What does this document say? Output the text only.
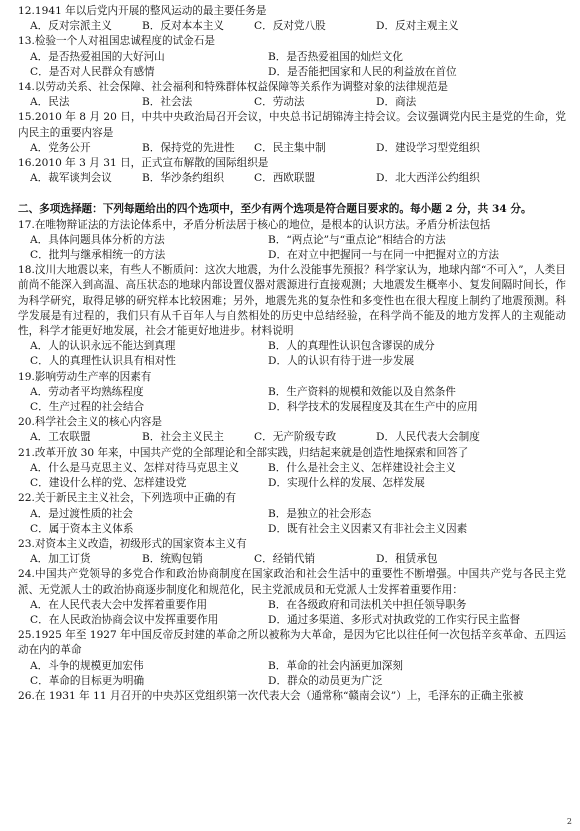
12.1941 年以后党内开展的整风运动的最主要任务是
A．反对宗派主义	B．反对本本主义	C．反对党八股	D．反对主观主义
13.检验一个人对祖国忠诚程度的试金石是
A．是否热爱祖国的大好河山	B．是否热爱祖国的灿烂文化
C．是否对人民群众有感情	D．是否能把国家和人民的利益放在首位
14.以劳动关系、社会保障、社会福利和特殊群体权益保障等关系作为调整对象的法律规范是
A．民法	B．社会法	C．劳动法	D．商法
15.2010 年 8 月 20 日，中共中央政治局召开会议，中央总书记胡锦涛主持会议。会议强调党内民主是党的生命，党内民主的重要内容是
A．党务公开	B．保持党的先进性	C．民主集中制	D．建设学习型党组织
16.2010 年 3 月 31 日，正式宣布解散的国际组织是
A．裁军谈判会议	B．华沙条约组织	C．西欧联盟	D．北大西洋公约组织
二、多项选择题：下列每题给出的四个选项中，至少有两个选项是符合题目要求的。每小题 2 分，共 34 分。
17.在唯物辩证法的方法论体系中，矛盾分析法居于核心的地位，是根本的认识方法。矛盾分析法包括
A．具体问题具体分析的方法	B．“两点论”与“重点论”相结合的方法
C．批判与继承相统一的方法	D．在对立中把握同一与在同一中把握对立的方法
18.汶川大地震以来，有些人不断质问：这次大地震，为什么没能事先预报？科学家认为，地球内部“不可入”，人类目前尚不能深入到高温、高压状态的地球内部设置仪器对震源进行直接观测；大地震发生概率小、复发间隔时间长，作为科学研究，取得足够的研究样本比较困难；另外，地震先兆的复杂性和多变性也在很大程度上制约了地震预测。科学发展是有过程的，我们只有从千百年人与自然相处的历史中总结经验，在科学尚不能及的地方发挥人的主观能动性，科学才能更好地发展，社会才能更好地进步。材料说明
A．人的认识永远不能达到真理	B．人的真理性认识包含谬误的成分
C．人的真理性认识具有相对性	D．人的认识有待于进一步发展
19.影响劳动生产率的因素有
A．劳动者平均熟练程度	B．生产资料的规模和效能以及自然条件
C．生产过程的社会结合	D．科学技术的发展程度及其在生产中的应用
20.科学社会主义的核心内容是
A．工农联盟	B．社会主义民主	C．无产阶级专政	D．人民代表大会制度
21.改革开放 30 年来，中国共产党的全部理论和全部实践，归结起来就是创造性地探索和回答了
A．什么是马克思主义、怎样对待马克思主义	B．什么是社会主义、怎样建设社会主义
C．建设什么样的党、怎样建设党	D．实现什么样的发展、怎样发展
22.关于新民主主义社会，下列选项中正确的有
A．是过渡性质的社会	B．是独立的社会形态
C．属于资本主义体系	D．既有社会主义因素又有非社会主义因素
23.对资本主义改造，初级形式的国家资本主义有
A．加工订货	B．统购包销	C．经销代销	D．租赁承包
24.中国共产党领导的多党合作和政治协商制度在国家政治和社会生活中的重要性不断增强。中国共产党与各民主党派、无党派人士的政治协商逐步制度化和规范化，民主党派成员和无党派人士发挥着重要作用：
A．在人民代表大会中发挥着重要作用	B．在各级政府和司法机关中担任领导职务
C．在人民政治协商会议中发挥重要作用	D．通过多渠道、多形式对执政党的工作实行民主监督
25.1925 年至 1927 年中国反帝反封建的革命之所以被称为大革命，是因为它比以往任何一次包括辛亥革命、五四运动在内的革命
A．斗争的规模更加宏伟	B．革命的社会内涵更加深刻
C．革命的目标更为明确	D．群众的动员更为广泛
26.在 1931 年 11 月召开的中央苏区党组织第一次代表大会（通常称“赣南会议”）上，毛泽东的正确主张被
2
